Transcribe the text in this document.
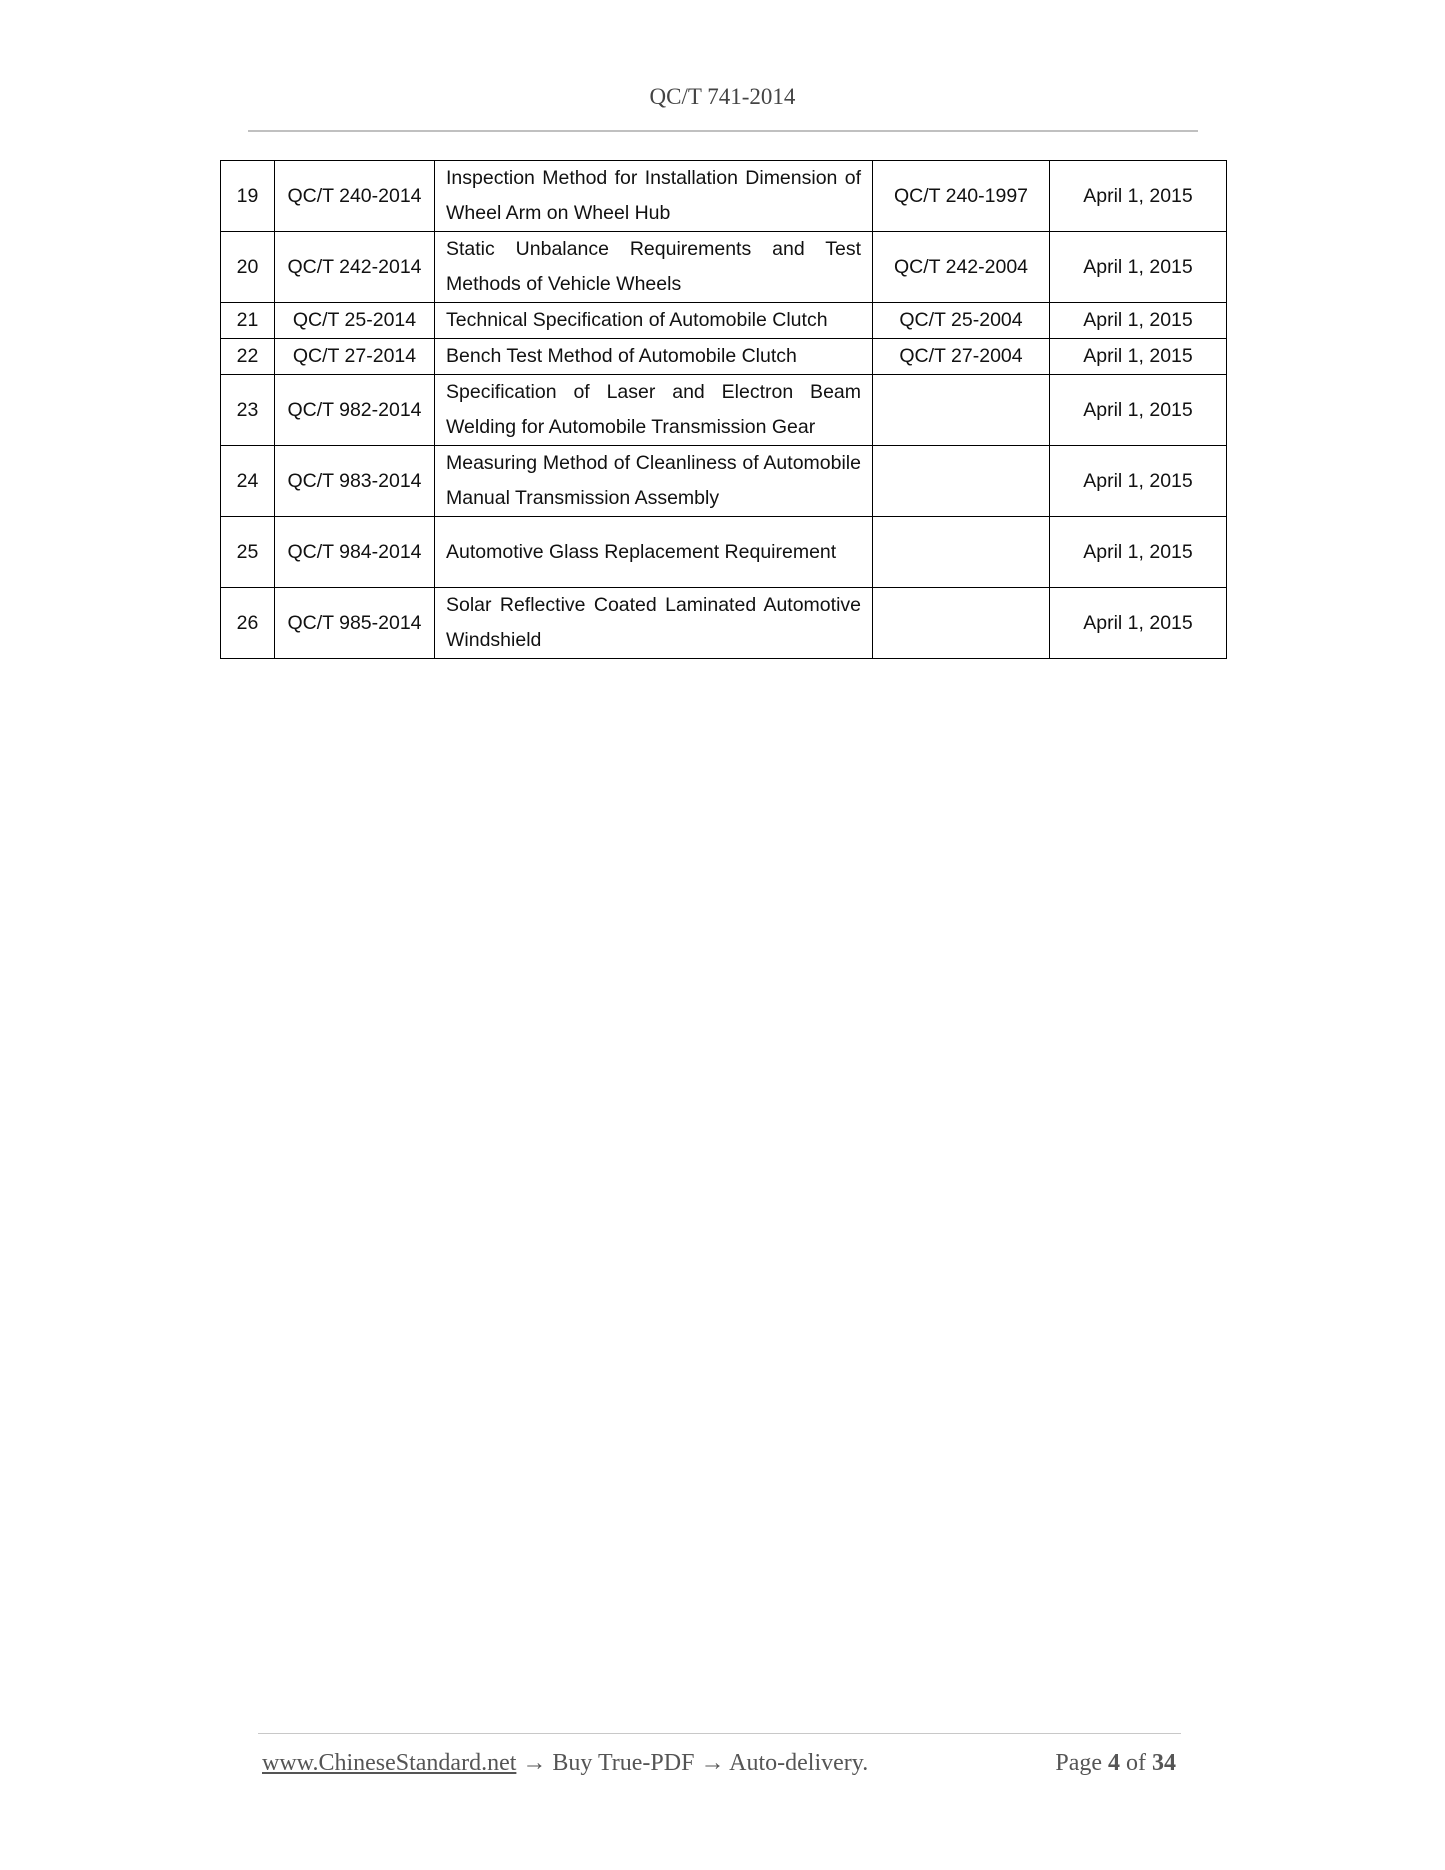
QC/T 741-2014
19	QC/T 240-2014	Inspection Method for Installation Dimension of Wheel Arm on Wheel Hub	QC/T 240-1997	April 1, 2015
20	QC/T 242-2014	Static Unbalance Requirements and Test Methods of Vehicle Wheels	QC/T 242-2004	April 1, 2015
21	QC/T 25-2014	Technical Specification of Automobile Clutch	QC/T 25-2004	April 1, 2015
22	QC/T 27-2014	Bench Test Method of Automobile Clutch	QC/T 27-2004	April 1, 2015
23	QC/T 982-2014	Specification of Laser and Electron Beam Welding for Automobile Transmission Gear		April 1, 2015
24	QC/T 983-2014	Measuring Method of Cleanliness of Automobile Manual Transmission Assembly		April 1, 2015
25	QC/T 984-2014	Automotive Glass Replacement Requirement		April 1, 2015
26	QC/T 985-2014	Solar Reflective Coated Laminated Automotive Windshield		April 1, 2015
www.ChineseStandard.net → Buy True-PDF → Auto-delivery.	Page 4 of 34
